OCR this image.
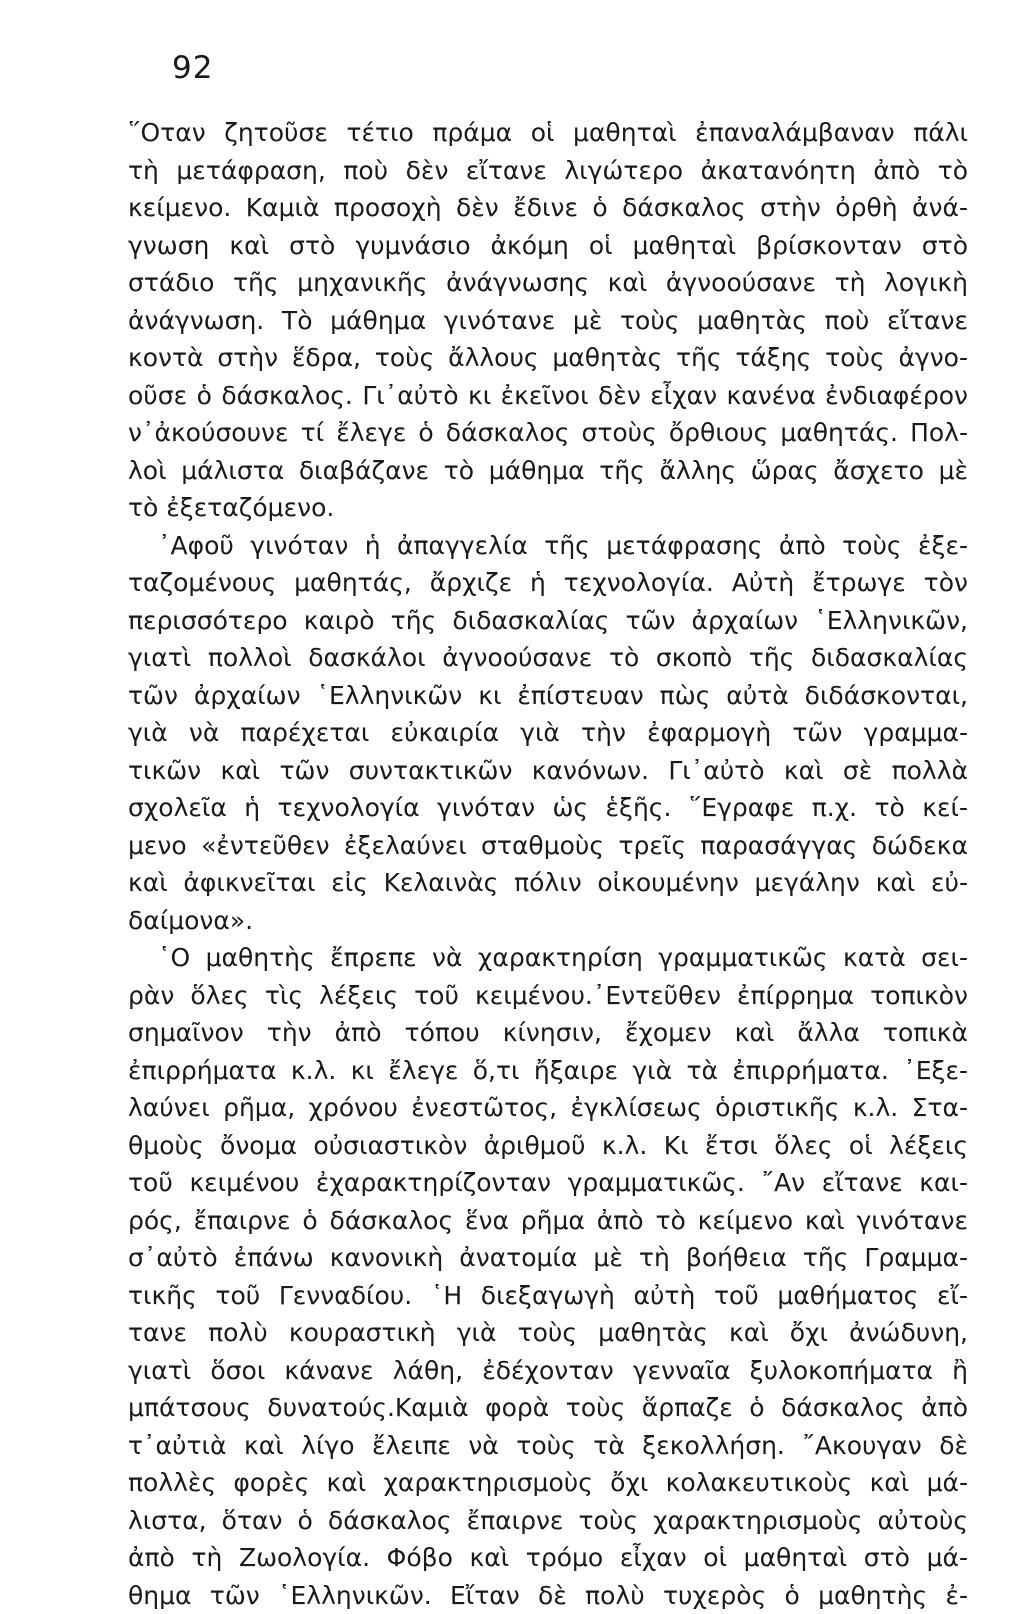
92
῞Οταν ζητοῦσε τέτιο πράμα οἱ μαθηταὶ ἐπαναλάμβαναν πάλι
τὴ μετάφραση, ποὺ δὲν εἴτανε λιγώτερο ἀκατανόητη ἀπὸ τὸ
κείμενο. Καμιὰ προσοχὴ δὲν ἔδινε ὁ δάσκαλος στὴν ὀρθὴ ἀνά-
γνωση καὶ στὸ γυμνάσιο ἀκόμη οἱ μαθηταὶ βρίσκονταν στὸ
στάδιο τῆς μηχανικῆς ἀνάγνωσης καὶ ἀγνοούσανε τὴ λογικὴ
ἀνάγνωση. Τὸ μάθημα γινότανε μὲ τοὺς μαθητὰς ποὺ εἴτανε
κοντὰ στὴν ἕδρα, τοὺς ἄλλους μαθητὰς τῆς τάξης τοὺς ἀγνο-
οῦσε ὁ δάσκαλος. Γι᾽αὐτὸ κι ἐκεῖνοι δὲν εἶχαν κανένα ἐνδιαφέρον
ν᾽ἀκούσουνε τί ἔλεγε ὁ δάσκαλος στοὺς ὄρθιους μαθητάς. Πολ-
λοὶ μάλιστα διαβάζανε τὸ μάθημα τῆς ἄλλης ὥρας ἄσχετο μὲ
τὸ ἐξεταζόμενο.
᾽Αφοῦ γινόταν ἡ ἀπαγγελία τῆς μετάφρασης ἀπὸ τοὺς ἐξε-
ταζομένους μαθητάς, ἄρχιζε ἡ τεχνολογία. Αὐτὴ ἔτρωγε τὸν
περισσότερο καιρὸ τῆς διδασκαλίας τῶν ἀρχαίων ῾Ελληνικῶν,
γιατὶ πολλοὶ δασκάλοι ἀγνοούσανε τὸ σκοπὸ τῆς διδασκαλίας
τῶν ἀρχαίων ῾Ελληνικῶν κι ἐπίστευαν πὼς αὐτὰ διδάσκονται,
γιὰ νὰ παρέχεται εὐκαιρία γιὰ τὴν ἐφαρμογὴ τῶν γραμμα-
τικῶν καὶ τῶν συντακτικῶν κανόνων. Γι᾽αὐτὸ καὶ σὲ πολλὰ
σχολεῖα ἡ τεχνολογία γινόταν ὡς ἑξῆς. ῞Εγραφε π.χ. τὸ κεί-
μενο «ἐντεῦθεν ἐξελαύνει σταθμοὺς τρεῖς παρασάγγας δώδεκα
καὶ ἀφικνεῖται εἰς Κελαινὰς πόλιν οἰκουμένην μεγάλην καὶ εὐ-
δαίμονα».
῾Ο μαθητὴς ἔπρεπε νὰ χαρακτηρίση γραμματικῶς κατὰ σει-
ρὰν ὅλες τὶς λέξεις τοῦ κειμένου.᾽Εντεῦθεν ἐπίρρημα τοπικὸν
σημαῖνον τὴν ἀπὸ τόπου κίνησιν, ἔχομεν καὶ ἄλλα τοπικὰ
ἐπιρρήματα κ.λ. κι ἔλεγε ὅ,τι ἤξαιρε γιὰ τὰ ἐπιρρήματα. ᾽Εξε-
λαύνει ρῆμα, χρόνου ἐνεστῶτος, ἐγκλίσεως ὁριστικῆς κ.λ. Στα-
θμοὺς ὄνομα οὐσιαστικὸν ἀριθμοῦ κ.λ. Κι ἔτσι ὅλες οἱ λέξεις
τοῦ κειμένου ἐχαρακτηρίζονταν γραμματικῶς. ῎Αν εἴτανε και-
ρός, ἔπαιρνε ὁ δάσκαλος ἕνα ρῆμα ἀπὸ τὸ κείμενο καὶ γινότανε
σ᾽αὐτὸ ἐπάνω κανονικὴ ἀνατομία μὲ τὴ βοήθεια τῆς Γραμμα-
τικῆς τοῦ Γενναδίου. ῾Η διεξαγωγὴ αὐτὴ τοῦ μαθήματος εἴ-
τανε πολὺ κουραστικὴ γιὰ τοὺς μαθητὰς καὶ ὄχι ἀνώδυνη,
γιατὶ ὅσοι κάνανε λάθη, ἐδέχονταν γενναῖα ξυλοκοπήματα ἢ
μπάτσους δυνατούς.Καμιὰ φορὰ τοὺς ἅρπαζε ὁ δάσκαλος ἀπὸ
τ᾽αὐτιὰ καὶ λίγο ἔλειπε νὰ τοὺς τὰ ξεκολλήση. ῎Ακουγαν δὲ
πολλὲς φορὲς καὶ χαρακτηρισμοὺς ὄχι κολακευτικοὺς καὶ μά-
λιστα, ὅταν ὁ δάσκαλος ἔπαιρνε τοὺς χαρακτηρισμοὺς αὐτοὺς
ἀπὸ τὴ Ζωολογία. Φόβο καὶ τρόμο εἶχαν οἱ μαθηταὶ στὸ μά-
θημα τῶν ῾Ελληνικῶν. Εἴταν δὲ πολὺ τυχερὸς ὁ μαθητὴς ἐ-
